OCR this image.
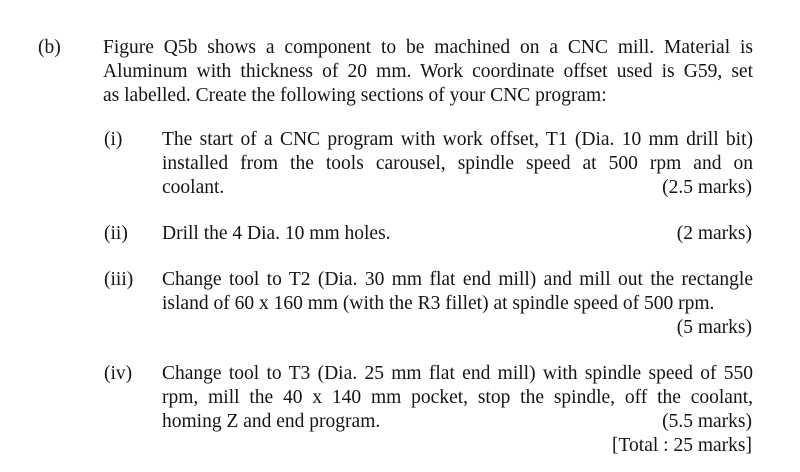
(b) Figure Q5b shows a component to be machined on a CNC mill. Material is
Aluminum with thickness of 20 mm. Work coordinate offset used is G59, set
as labelled. Create the following sections of your CNC program:
(i) The start of a CNC program with work offset, T1 (Dia. 10 mm drill bit)
installed from the tools carousel, spindle speed at 500 rpm and on
coolant.	(2.5 marks)
(ii) Drill the 4 Dia. 10 mm holes.	(2 marks)
(iii) Change tool to T2 (Dia. 30 mm flat end mill) and mill out the rectangle
island of 60 x 160 mm (with the R3 fillet) at spindle speed of 500 rpm.
(5 marks)
(iv) Change tool to T3 (Dia. 25 mm flat end mill) with spindle speed of 550
rpm, mill the 40 x 140 mm pocket, stop the spindle, off the coolant,
homing Z and end program.	(5.5 marks)
[Total : 25 marks]
